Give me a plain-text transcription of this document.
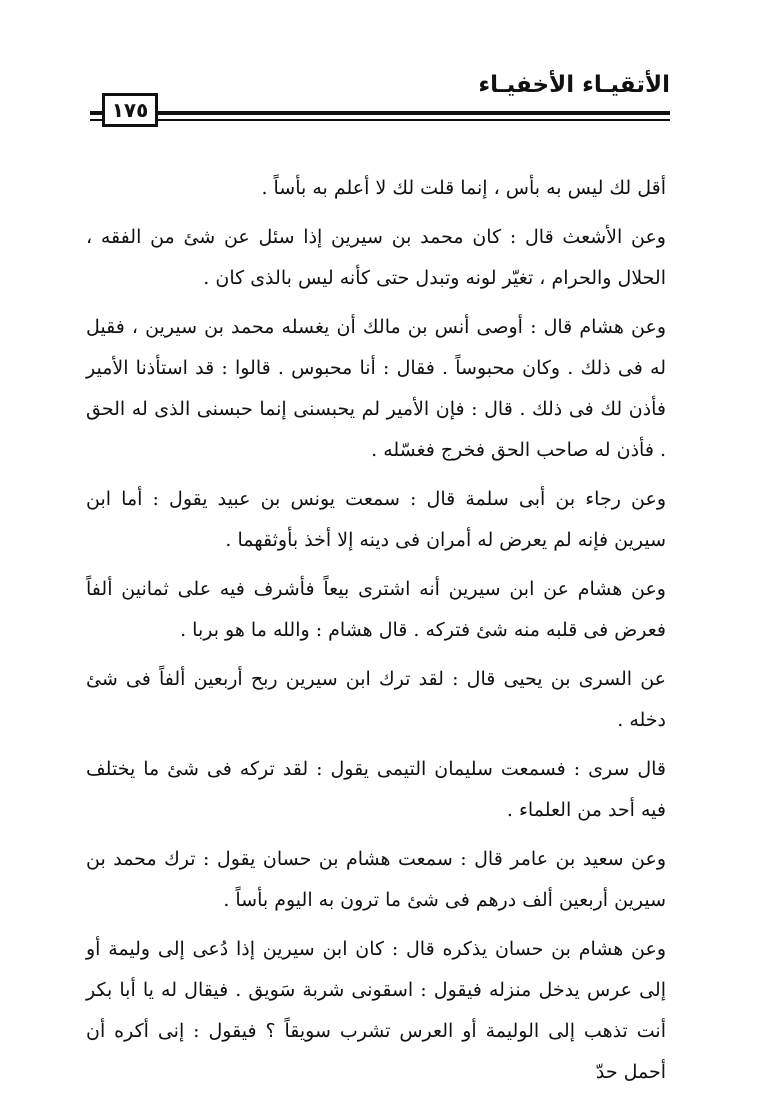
الأتقيـاء الأخفيـاء
١٧٥

أقل لك ليس به بأس ، إنما قلت لك لا أعلم به بأساً .

وعن الأشعث قال : كان محمد بن سيرين إذا سئل عن شئ من الفقه ، الحلال والحرام ، تغيّر لونه وتبدل حتى كأنه ليس بالذى كان .

وعن هشام قال : أوصى أنس بن مالك أن يغسله محمد بن سيرين ، فقيل له فى ذلك . وكان محبوساً . فقال : أنا محبوس . قالوا : قد استأذنا الأمير فأذن لك فى ذلك . قال : فإن الأمير لم يحبسنى إنما حبسنى الذى له الحق . فأذن له صاحب الحق فخرج فغسّله .

وعن رجاء بن أبى سلمة قال : سمعت يونس بن عبيد يقول : أما ابن سيرين فإنه لم يعرض له أمران فى دينه إلا أخذ بأوثقهما .

وعن هشام عن ابن سيرين أنه اشترى بيعاً فأشرف فيه على ثمانين ألفاً فعرض فى قلبه منه شئ فتركه . قال هشام : والله ما هو بربا .

عن السرى بن يحيى قال : لقد ترك ابن سيرين ربح أربعين ألفاً فى شئ دخله .

قال سرى : فسمعت سليمان التيمى يقول : لقد تركه فى شئ ما يختلف فيه أحد من العلماء .

وعن سعيد بن عامر قال : سمعت هشام بن حسان يقول : ترك محمد بن سيرين أربعين ألف درهم فى شئ ما ترون به اليوم بأساً .

وعن هشام بن حسان يذكره قال : كان ابن سيرين إذا دُعى إلى وليمة أو إلى عرس يدخل منزله فيقول : اسقونى شربة سَويق . فيقال له يا أبا بكر أنت تذهب إلى الوليمة أو العرس تشرب سويقاً ؟ فيقول : إنى أكره أن أحمل حدّ
